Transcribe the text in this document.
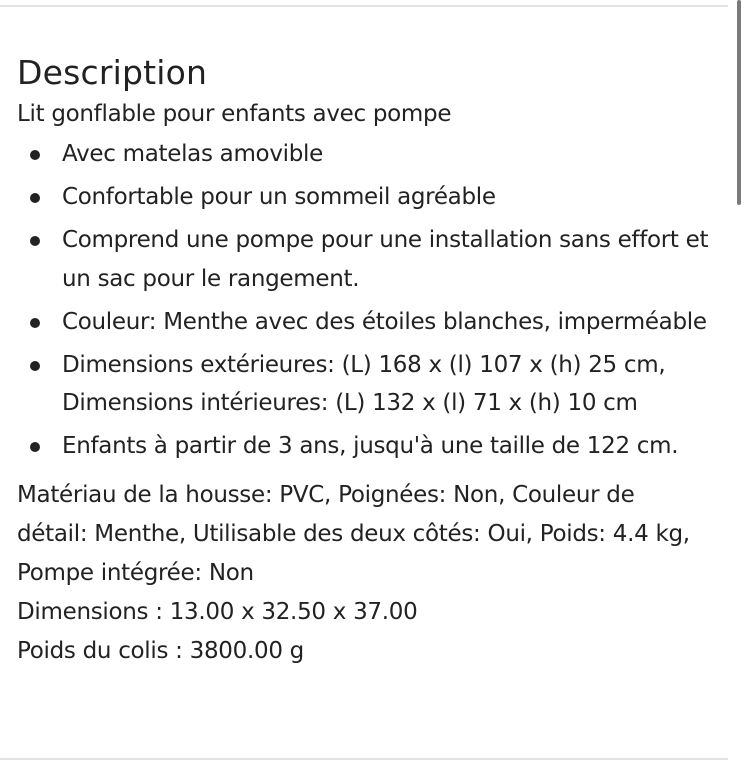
Description

Lit gonflable pour enfants avec pompe

Avec matelas amovible
Confortable pour un sommeil agréable
Comprend une pompe pour une installation sans effort et un sac pour le rangement.
Couleur: Menthe avec des étoiles blanches, imperméable
Dimensions extérieures: (L) 168 x (l) 107 x (h) 25 cm, Dimensions intérieures: (L) 132 x (l) 71 x (h) 10 cm
Enfants à partir de 3 ans, jusqu'à une taille de 122 cm.

Matériau de la housse: PVC, Poignées: Non, Couleur de détail: Menthe, Utilisable des deux côtés: Oui, Poids: 4.4 kg, Pompe intégrée: Non

Dimensions : 13.00 x 32.50 x 37.00

Poids du colis : 3800.00 g
